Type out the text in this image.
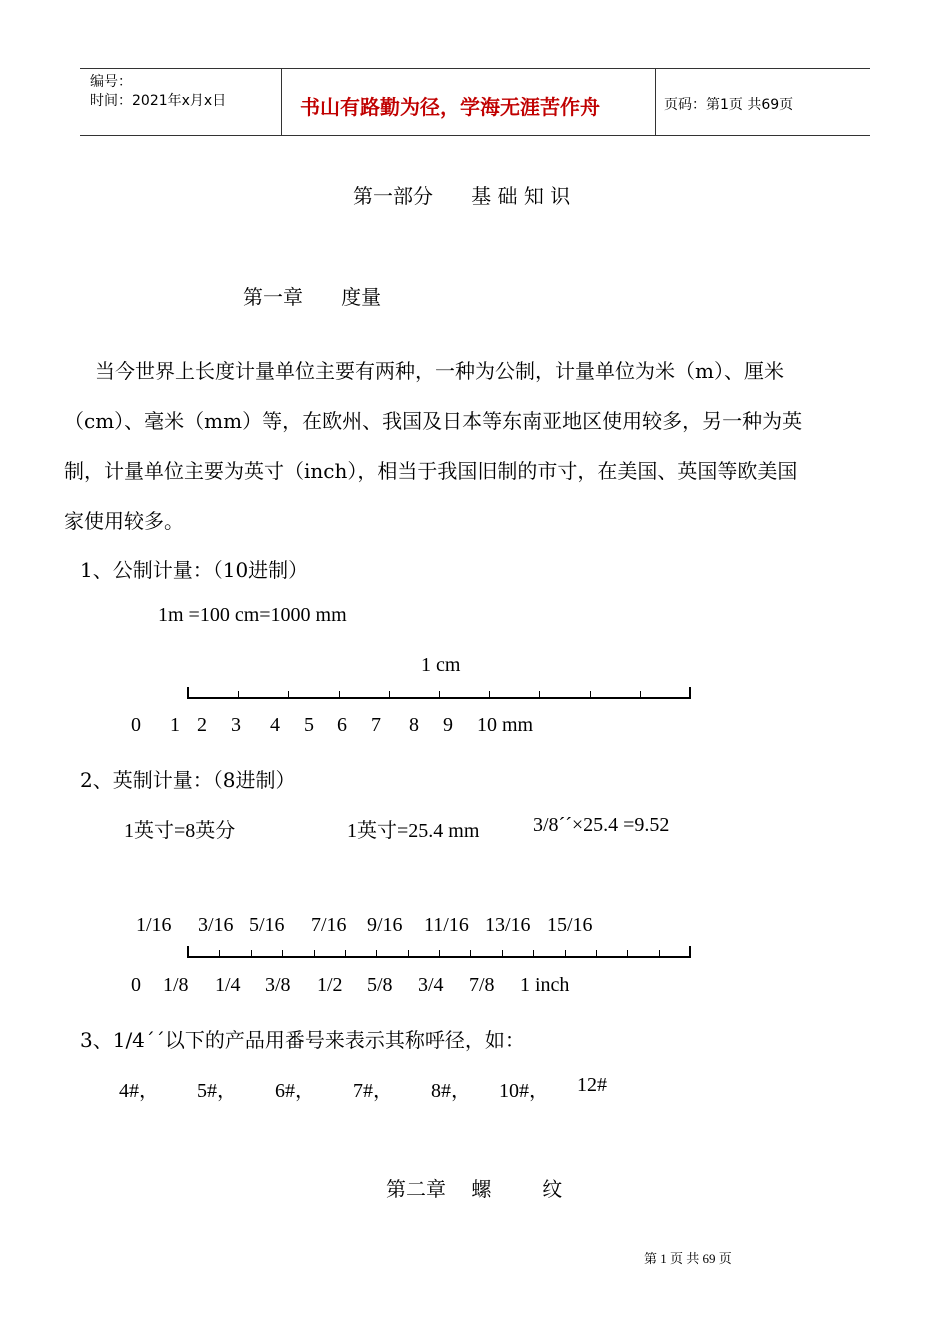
编号：
时间：2021年x月x日	书山有路勤为径，学海无涯苦作舟	页码：第1页 共69页
第一部分      基 础 知 识
第一章      度量
当今世界上长度计量单位主要有两种，一种为公制，计量单位为米（m）、厘米
（cm）、毫米（mm）等，在欧州、我国及日本等东南亚地区使用较多，另一种为英
制，计量单位主要为英寸（inch），相当于我国旧制的市寸，在美国、英国等欧美国
家使用较多。
1、公制计量：（10进制）
1m =100 cm=1000 mm
1 cm
0 1 2 3 4 5 6 7 8 9 10 mm
2、英制计量：（8进制）
1英寸=8英分	1英寸=25.4 mm	3/8´´×25.4 =9.52
1/16 3/16 5/16 7/16 9/16 11/16 13/16 15/16
0 1/8 1/4 3/8 1/2 5/8 3/4 7/8 1 inch
3、1/4´´以下的产品用番号来表示其称呼径，如：
4#， 5#， 6#， 7#， 8#， 10#， 12#
第二章    螺        纹
第 1 页 共 69 页
